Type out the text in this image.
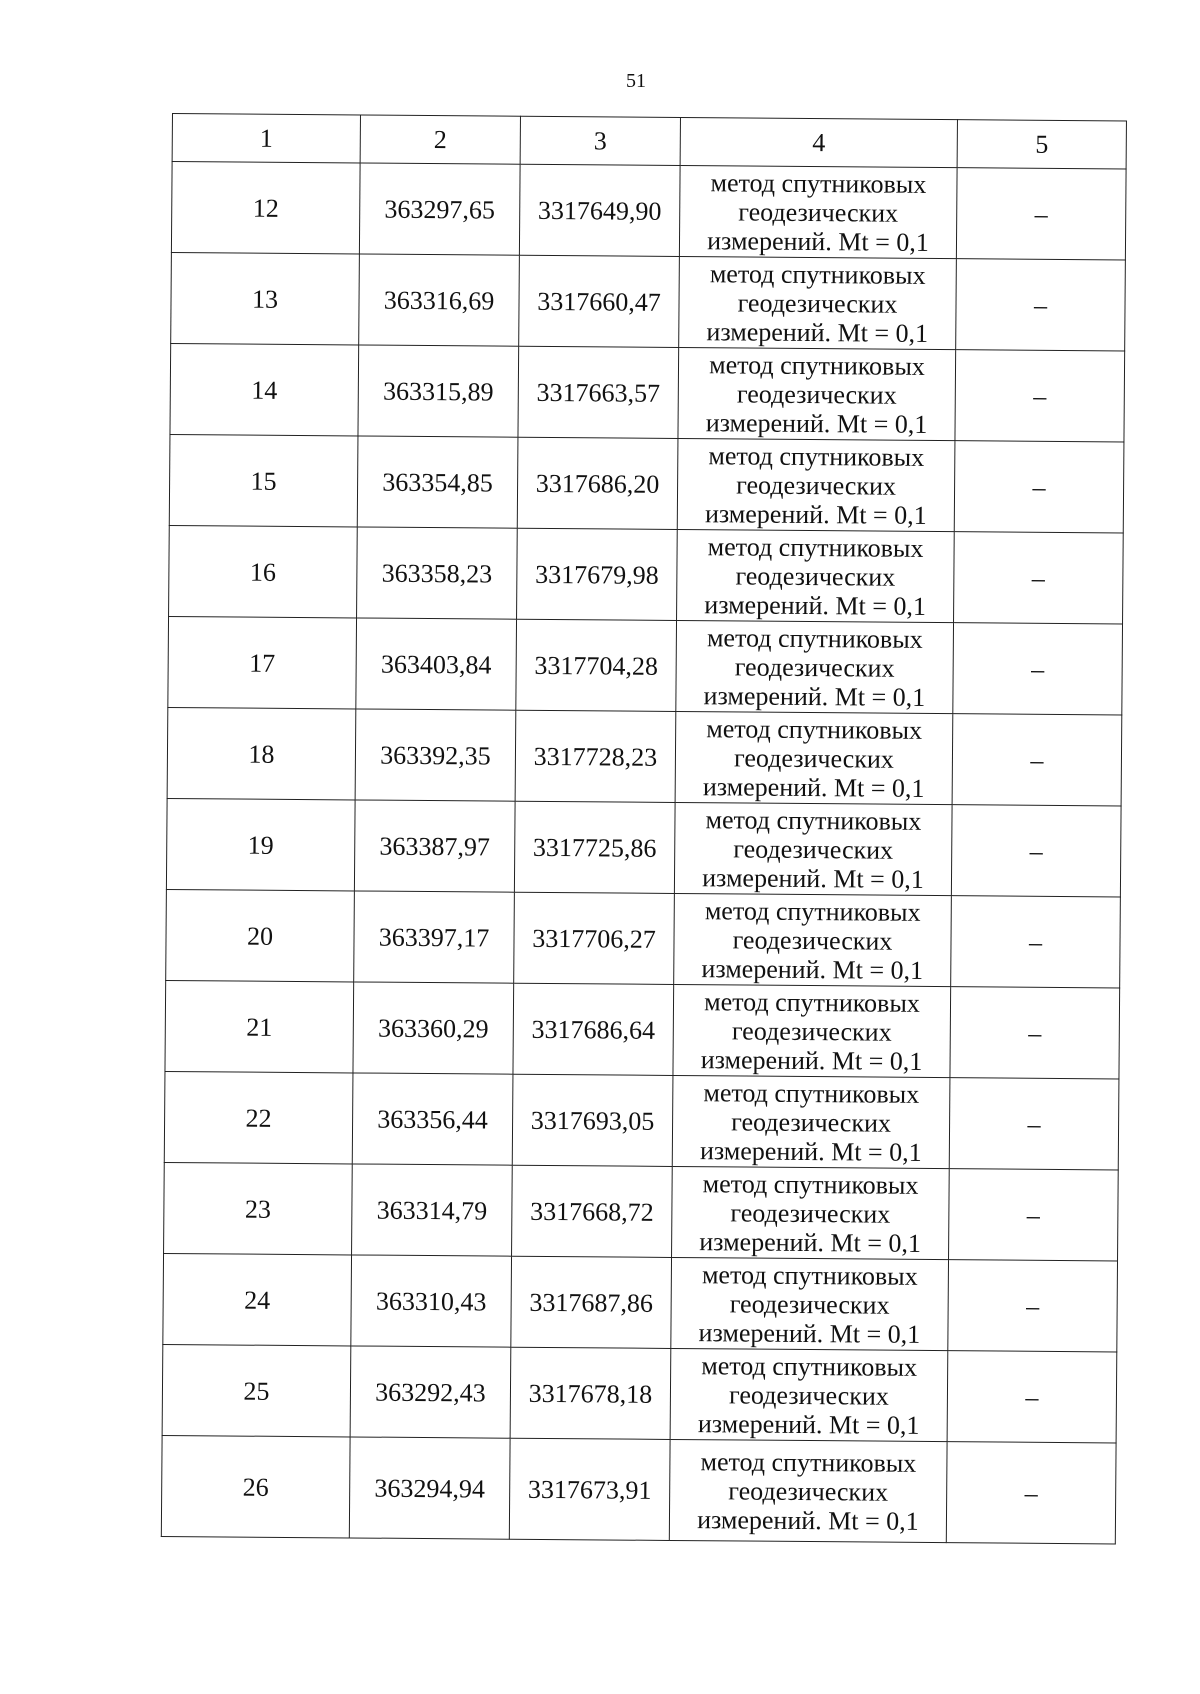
51
1	2	3	4	5
12	363297,65	3317649,90	метод спутниковых
геодезических
измерений. Mt = 0,1	–
13	363316,69	3317660,47	метод спутниковых
геодезических
измерений. Mt = 0,1	–
14	363315,89	3317663,57	метод спутниковых
геодезических
измерений. Mt = 0,1	–
15	363354,85	3317686,20	метод спутниковых
геодезических
измерений. Mt = 0,1	–
16	363358,23	3317679,98	метод спутниковых
геодезических
измерений. Mt = 0,1	–
17	363403,84	3317704,28	метод спутниковых
геодезических
измерений. Mt = 0,1	–
18	363392,35	3317728,23	метод спутниковых
геодезических
измерений. Mt = 0,1	–
19	363387,97	3317725,86	метод спутниковых
геодезических
измерений. Mt = 0,1	–
20	363397,17	3317706,27	метод спутниковых
геодезических
измерений. Mt = 0,1	–
21	363360,29	3317686,64	метод спутниковых
геодезических
измерений. Mt = 0,1	–
22	363356,44	3317693,05	метод спутниковых
геодезических
измерений. Mt = 0,1	–
23	363314,79	3317668,72	метод спутниковых
геодезических
измерений. Mt = 0,1	–
24	363310,43	3317687,86	метод спутниковых
геодезических
измерений. Mt = 0,1	–
25	363292,43	3317678,18	метод спутниковых
геодезических
измерений. Mt = 0,1	–
26	363294,94	3317673,91	метод спутниковых
геодезических
измерений. Mt = 0,1	–
